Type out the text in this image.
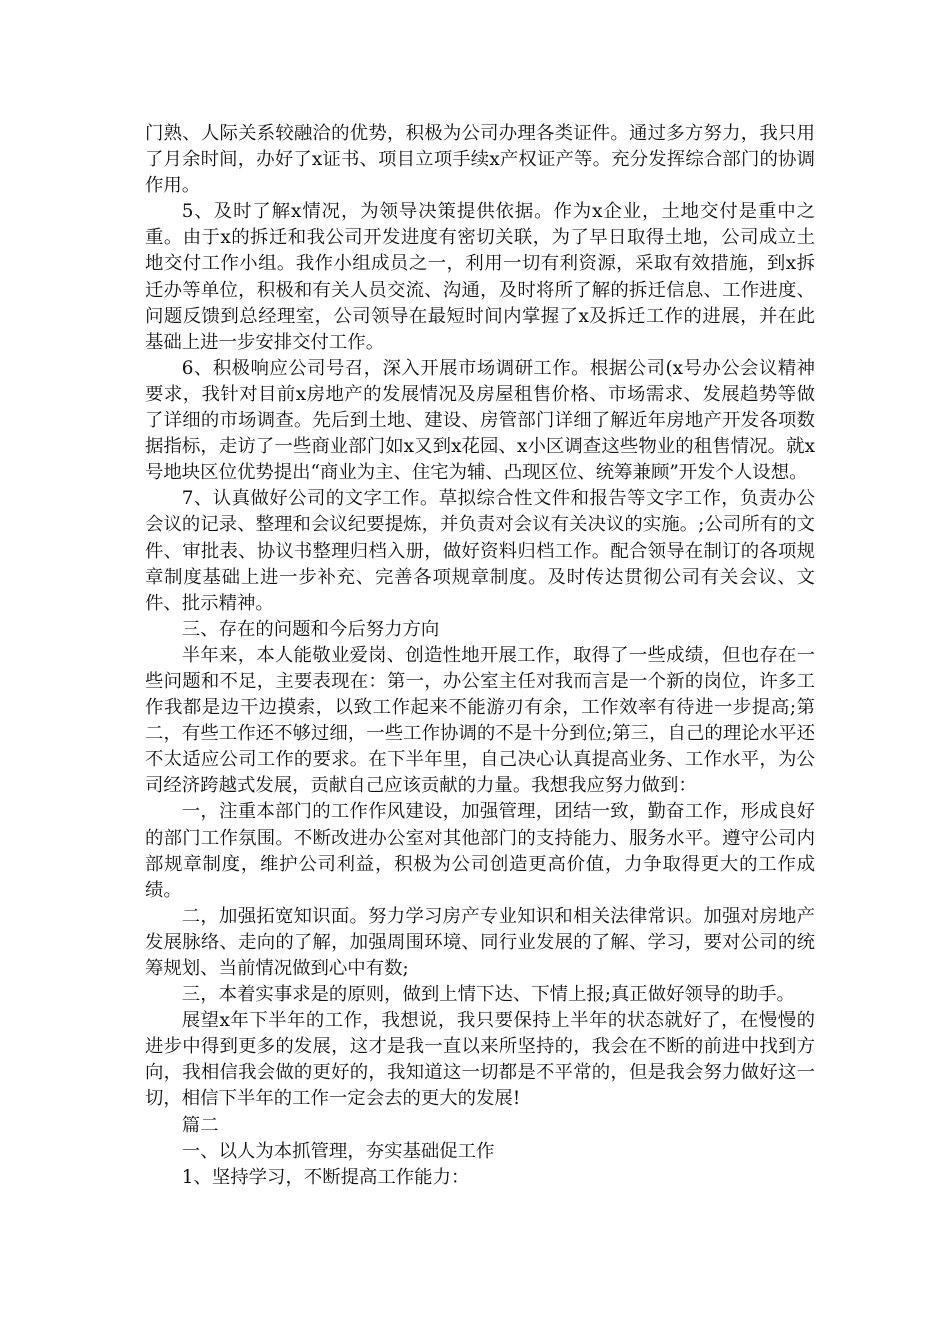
门熟、人际关系较融洽的优势，积极为公司办理各类证件。通过多方努力，我只用了月余时间，办好了x证书、项目立项手续x产权证产等。充分发挥综合部门的协调作用。

5、及时了解x情况，为领导决策提供依据。作为x企业，土地交付是重中之重。由于x的拆迁和我公司开发进度有密切关联，为了早日取得土地，公司成立土地交付工作小组。我作小组成员之一，利用一切有利资源，采取有效措施，到x拆迁办等单位，积极和有关人员交流、沟通，及时将所了解的拆迁信息、工作进度、问题反馈到总经理室，公司领导在最短时间内掌握了x及拆迁工作的进展，并在此基础上进一步安排交付工作。

6、积极响应公司号召，深入开展市场调研工作。根据公司(x号办公会议精神要求，我针对目前x房地产的发展情况及房屋租售价格、市场需求、发展趋势等做了详细的市场调查。先后到土地、建设、房管部门详细了解近年房地产开发各项数据指标，走访了一些商业部门如x又到x花园、x小区调查这些物业的租售情况。就x号地块区位优势提出“商业为主、住宅为辅、凸现区位、统筹兼顾”开发个人设想。

7、认真做好公司的文字工作。草拟综合性文件和报告等文字工作，负责办公会议的记录、整理和会议纪要提炼，并负责对会议有关决议的实施。;公司所有的文件、审批表、协议书整理归档入册，做好资料归档工作。配合领导在制订的各项规章制度基础上进一步补充、完善各项规章制度。及时传达贯彻公司有关会议、文件、批示精神。

三、存在的问题和今后努力方向

半年来，本人能敬业爱岗、创造性地开展工作，取得了一些成绩，但也存在一些问题和不足，主要表现在：第一，办公室主任对我而言是一个新的岗位，许多工作我都是边干边摸索，以致工作起来不能游刃有余，工作效率有待进一步提高;第二，有些工作还不够过细，一些工作协调的不是十分到位;第三，自己的理论水平还不太适应公司工作的要求。在下半年里，自己决心认真提高业务、工作水平，为公司经济跨越式发展，贡献自己应该贡献的力量。我想我应努力做到：

一，注重本部门的工作作风建设，加强管理，团结一致，勤奋工作，形成良好的部门工作氛围。不断改进办公室对其他部门的支持能力、服务水平。遵守公司内部规章制度，维护公司利益，积极为公司创造更高价值，力争取得更大的工作成绩。

二，加强拓宽知识面。努力学习房产专业知识和相关法律常识。加强对房地产发展脉络、走向的了解，加强周围环境、同行业发展的了解、学习，要对公司的统筹规划、当前情况做到心中有数;

三，本着实事求是的原则，做到上情下达、下情上报;真正做好领导的助手。

展望x年下半年的工作，我想说，我只要保持上半年的状态就好了，在慢慢的进步中得到更多的发展，这才是我一直以来所坚持的，我会在不断的前进中找到方向，我相信我会做的更好的，我知道这一切都是不平常的，但是我会努力做好这一切，相信下半年的工作一定会去的更大的发展!

篇二

一、以人为本抓管理，夯实基础促工作

1、坚持学习，不断提高工作能力：
